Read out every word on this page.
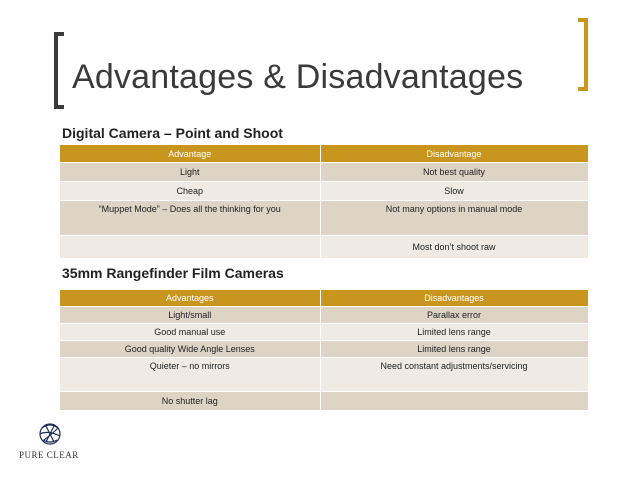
Advantages & Disadvantages
Digital Camera – Point and Shoot
Advantage	Disadvantage
Light	Not best quality
Cheap	Slow
“Muppet Mode” – Does all the thinking for you	Not many options in manual mode
	Most don’t shoot raw
35mm Rangefinder Film Cameras
Advantages	Disadvantages
Light/small	Parallax error
Good manual use	Limited lens range
Good quality Wide Angle Lenses	Limited lens range
Quieter – no mirrors	Need constant adjustments/servicing
No shutter lag	
PURE CLEAR
